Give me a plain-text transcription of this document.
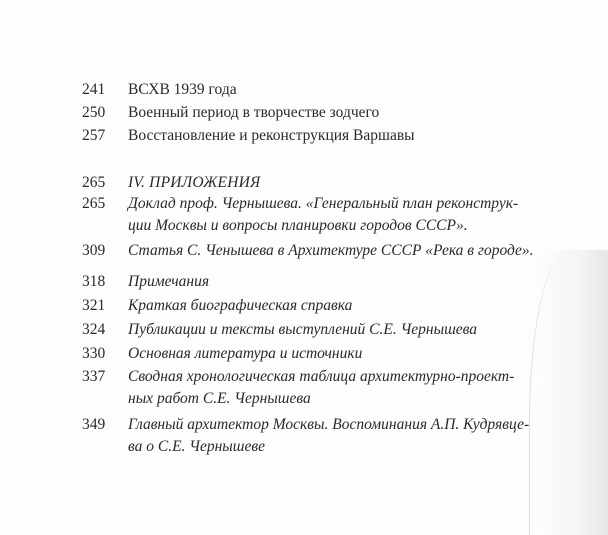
241	ВСХВ 1939 года
250	Военный период в творчестве зодчего
257	Восстановление и реконструкция Варшавы
265	IV. ПРИЛОЖЕНИЯ
265	Доклад проф. Чернышева. «Генеральный план реконструк-
ции Москвы и вопросы планировки городов СССР».
309	Статья С. Ченышева в Архитектуре СССР «Река в городе».
318	Примечания
321	Краткая биографическая справка
324	Публикации и тексты выступлений С.Е. Чернышева
330	Основная литература и источники
337	Сводная хронологическая таблица архитектурно-проект-
ных работ С.Е. Чернышева
349	Главный архитектор Москвы. Воспоминания А.П. Кудрявце-
ва о С.Е. Чернышеве
